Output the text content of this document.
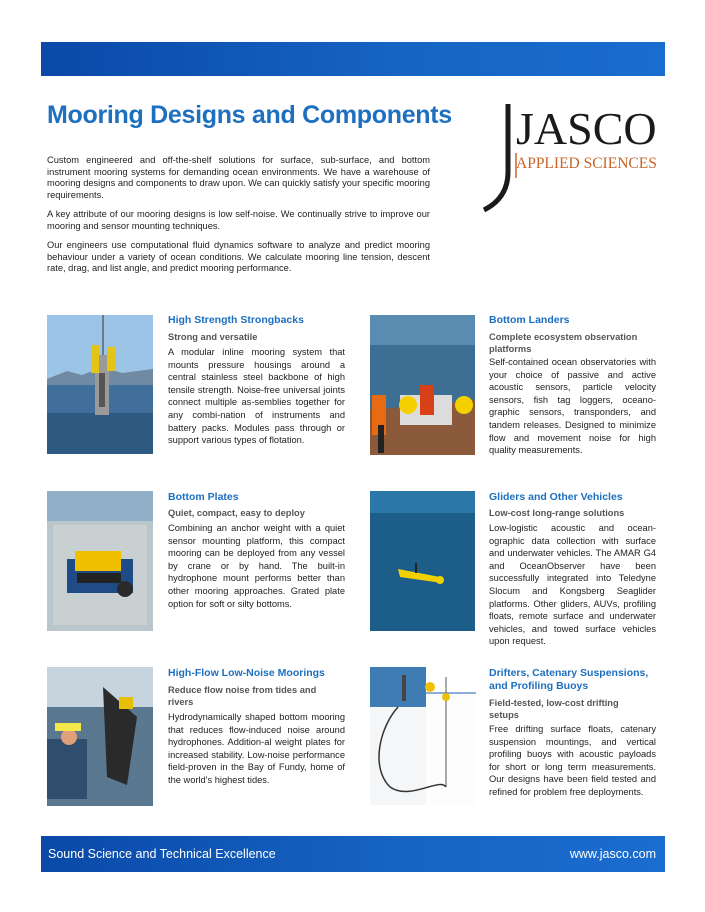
Mooring Designs and Components JASCO
APPLIED SCIENCES

Custom engineered and off-the-shelf solutions for surface, sub-surface, and bottom instrument mooring systems for demanding ocean environments. We have a warehouse of mooring designs and components to draw upon. We can quickly satisfy your specific mooring requirements.

A key attribute of our mooring designs is low self-noise. We continually strive to improve our mooring and sensor mounting techniques.

Our engineers use computational fluid dynamics software to analyze and predict mooring behaviour under a variety of ocean conditions. We calculate mooring line tension, descent rate, drag, and list angle, and predict mooring performance.

High Strength Strongbacks
Strong and versatile

A modular inline mooring system that mounts pressure housings around a central stainless steel backbone of high tensile strength. Noise-free universal joints connect multiple as-semblies together for any combi-nation of instruments and battery packs. Modules pass through or support various types of flotation.

Bottom Landers
Complete ecosystem observation platforms

Self-contained ocean observatories with your choice of passive and active acoustic sensors, particle velocity sensors, fish tag loggers, oceano-graphic sensors, transponders, and tandem releases. Designed to minimize flow and movement noise for high quality measurements.

Bottom Plates
Quiet, compact, easy to deploy

Combining an anchor weight with a quiet sensor mounting platform, this compact mooring can be deployed from any vessel by crane or by hand. The built-in hydrophone mount performs better than other mooring approaches. Grated plate option for soft or silty bottoms.

Gliders and Other Vehicles
Low-cost long-range solutions

Low-logistic acoustic and ocean-ographic data collection with surface and underwater vehicles. The AMAR G4 and OceanObserver have been successfully integrated into Teledyne Slocum and Kongsberg Seaglider platforms. Other gliders, AUVs, profiling floats, remote surface and underwater vehicles, and towed surface vehicles upon request.

High-Flow Low-Noise Moorings
Reduce flow noise from tides and rivers

Hydrodynamically shaped bottom mooring that reduces flow-induced noise around hydrophones. Addition-al weight plates for increased stability. Low-noise performance field-proven in the Bay of Fundy, home of the world's highest tides.

Drifters, Catenary Suspensions, and Profiling Buoys
Field-tested, low-cost drifting setups

Free drifting surface floats, catenary suspension mountings, and vertical profiling buoys with acoustic payloads for short or long term measurements. Our designs have been field tested and refined for problem free deployments.

Sound Science and Technical Excellence	www.jasco.com
